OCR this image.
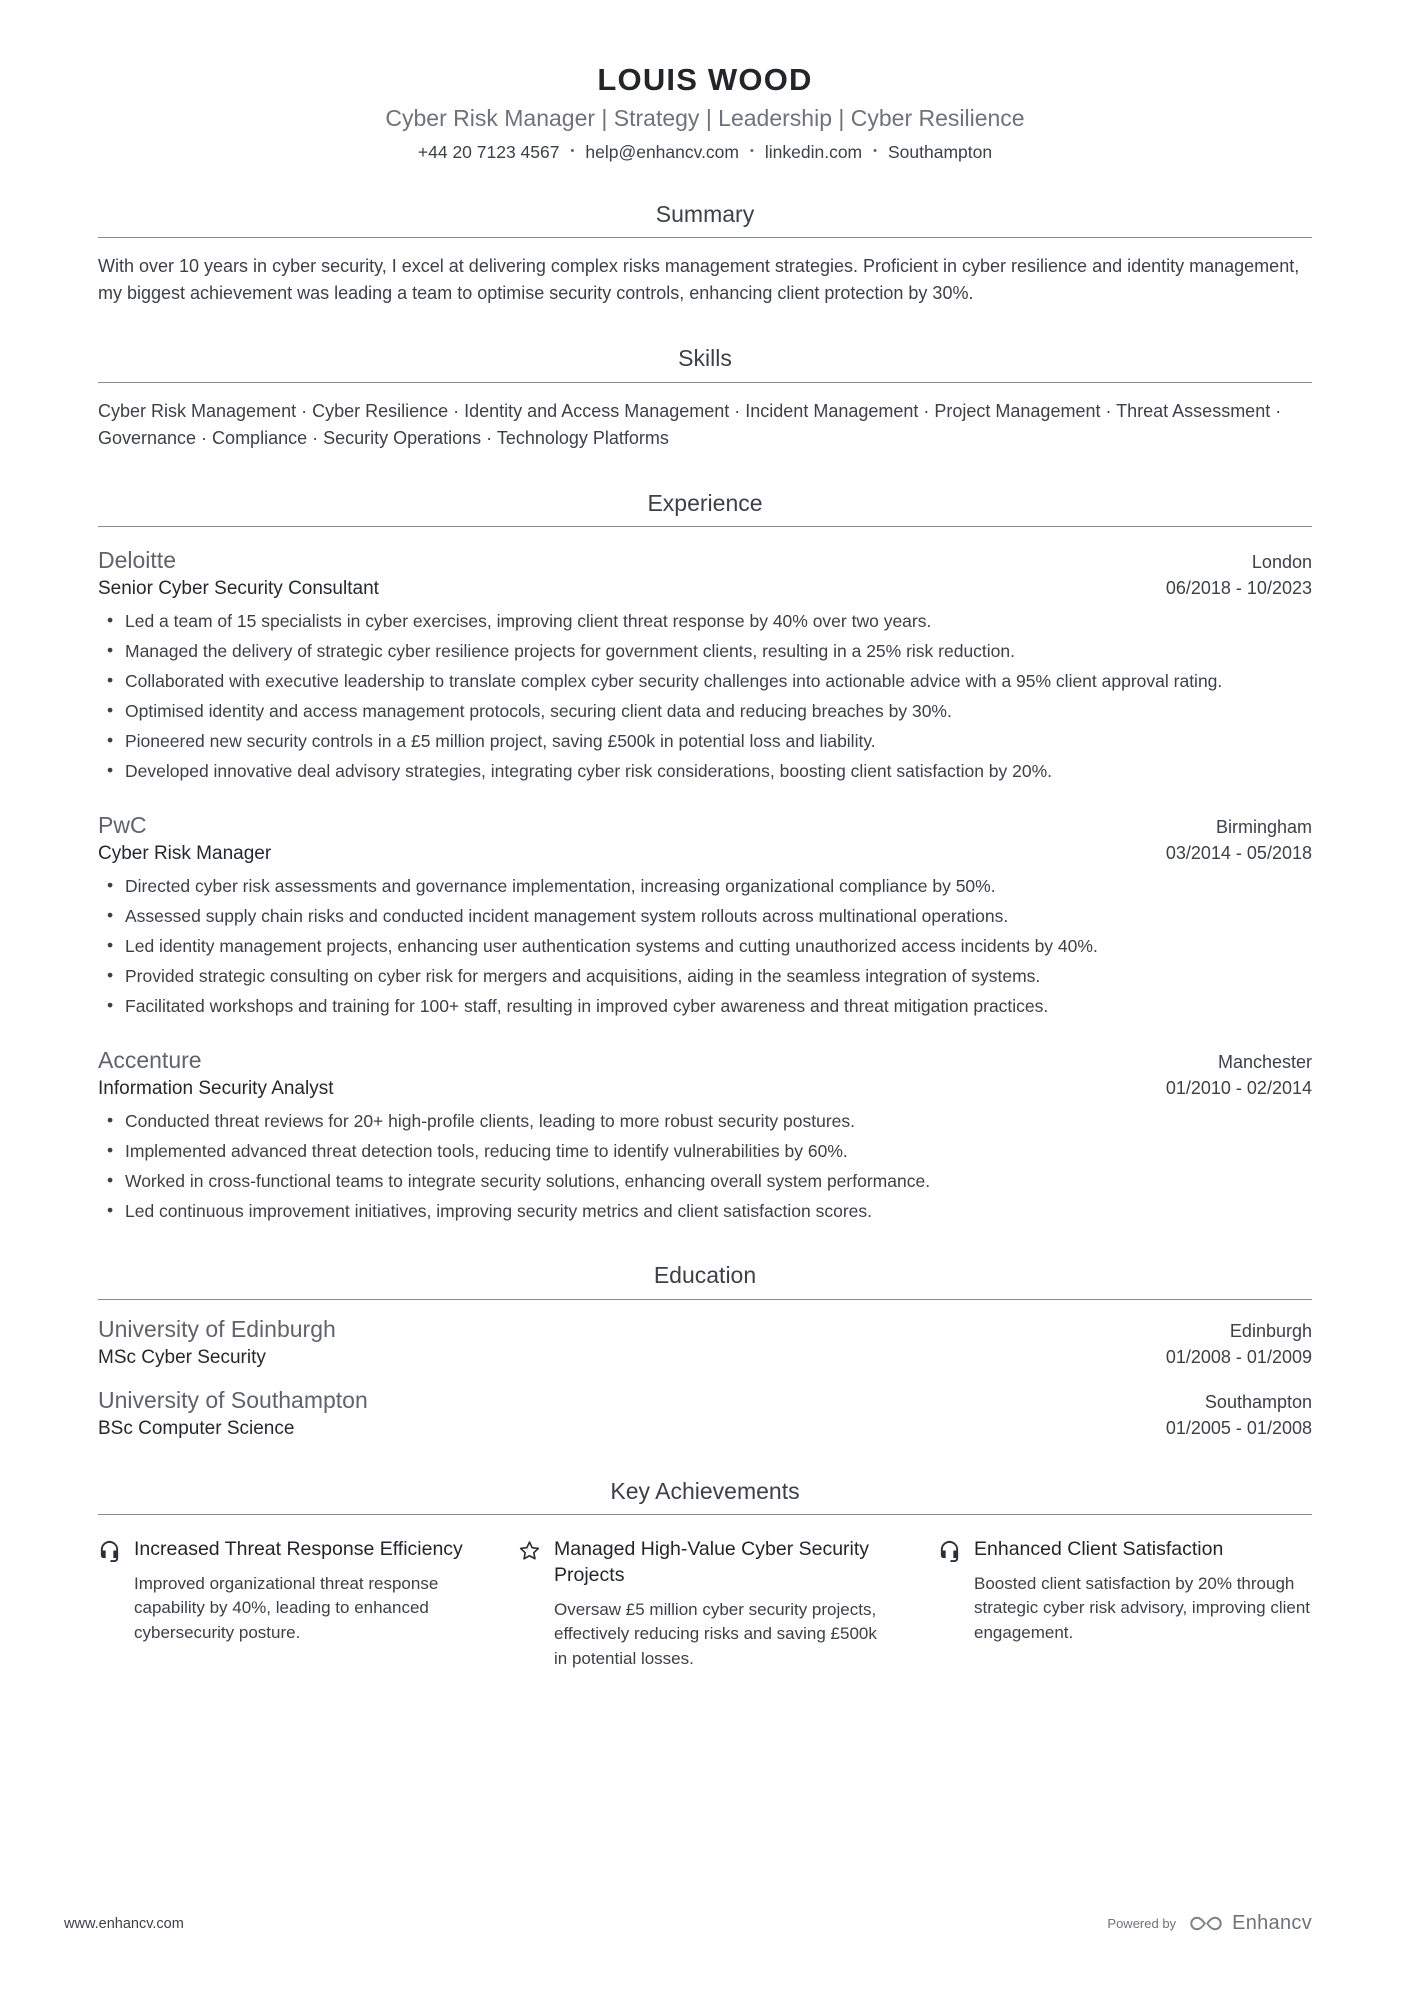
LOUIS WOOD
Cyber Risk Manager | Strategy | Leadership | Cyber Resilience
+44 20 7123 4567 • help@enhancv.com • linkedin.com • Southampton
Summary

With over 10 years in cyber security, I excel at delivering complex risks management strategies. Proficient in cyber resilience and identity management, my biggest achievement was leading a team to optimise security controls, enhancing client protection by 30%.

Skills

Cyber Risk Management · Cyber Resilience · Identity and Access Management · Incident Management · Project Management · Threat Assessment · Governance · Compliance · Security Operations · Technology Platforms

Experience
Deloitte	London
Senior Cyber Security Consultant	06/2018 - 10/2023
• Led a team of 15 specialists in cyber exercises, improving client threat response by 40% over two years.
• Managed the delivery of strategic cyber resilience projects for government clients, resulting in a 25% risk reduction.
• Collaborated with executive leadership to translate complex cyber security challenges into actionable advice with a 95% client approval rating.
• Optimised identity and access management protocols, securing client data and reducing breaches by 30%.
• Pioneered new security controls in a £5 million project, saving £500k in potential loss and liability.
• Developed innovative deal advisory strategies, integrating cyber risk considerations, boosting client satisfaction by 20%.
PwC	Birmingham
Cyber Risk Manager	03/2014 - 05/2018
• Directed cyber risk assessments and governance implementation, increasing organizational compliance by 50%.
• Assessed supply chain risks and conducted incident management system rollouts across multinational operations.
• Led identity management projects, enhancing user authentication systems and cutting unauthorized access incidents by 40%.
• Provided strategic consulting on cyber risk for mergers and acquisitions, aiding in the seamless integration of systems.
• Facilitated workshops and training for 100+ staff, resulting in improved cyber awareness and threat mitigation practices.
Accenture	Manchester
Information Security Analyst	01/2010 - 02/2014
• Conducted threat reviews for 20+ high-profile clients, leading to more robust security postures.
• Implemented advanced threat detection tools, reducing time to identify vulnerabilities by 60%.
• Worked in cross-functional teams to integrate security solutions, enhancing overall system performance.
• Led continuous improvement initiatives, improving security metrics and client satisfaction scores.
Education
University of Edinburgh	Edinburgh
MSc Cyber Security	01/2008 - 01/2009
University of Southampton	Southampton
BSc Computer Science	01/2005 - 01/2008
Key Achievements
Increased Threat Response Efficiency
Improved organizational threat response capability by 40%, leading to enhanced cybersecurity posture.
Managed High-Value Cyber Security Projects
Oversaw £5 million cyber security projects, effectively reducing risks and saving £500k in potential losses.
Enhanced Client Satisfaction
Boosted client satisfaction by 20% through strategic cyber risk advisory, improving client engagement.
www.enhancv.com	Powered by	Enhancv
